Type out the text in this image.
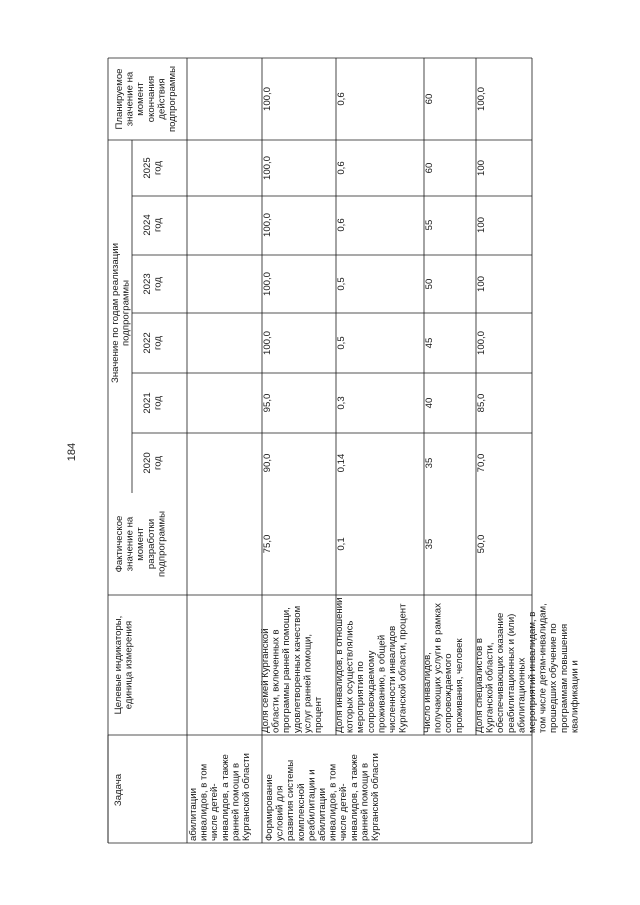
184
Задача
Целевые индикаторы, единица измерения
Фактическое значение на момент разработки подпрограммы
Значение по годам реализации подпрограммы
2020 год
2021 год
2022 год
2023 год
2024 год
2025 год
Планируемое значение на момент окончания действия подпрограммы
абилитации инвалидов, в том числе детей- инвалидов, а также ранней помощи в Курганской области Формирование условий для развития системы комплексной реабилитации и абилитации инвалидов, в том числе детей- инвалидов, а также ранней помощи в Курганской области
Доля семей Курганской области, включенных в программы ранней помощи, удовлетворенных качеством услуг ранней помощи, процент
75,0
90,0
95,0
100,0
100,0
100,0
100,0
100,0
Доля инвалидов, в отношении которых осуществлялись мероприятия по сопровождаемому проживанию, в общей численности инвалидов Курганской области, процент
0,1
0,14
0,3
0,5
0,5
0,6
0,6
0,6
Число инвалидов, получающих услуги в рамках сопровождаемого проживания, человек
35
35
40
45
50
55
60
60
Доля специалистов в Курганской области, обеспечивающих оказание реабилитационных и (или) абилитационных мероприятий инвалидам, в том числе детям-инвалидам, прошедших обучение по программам повышения квалификации и
50,0
70,0
85,0
100,0
100
100
100
100,0
